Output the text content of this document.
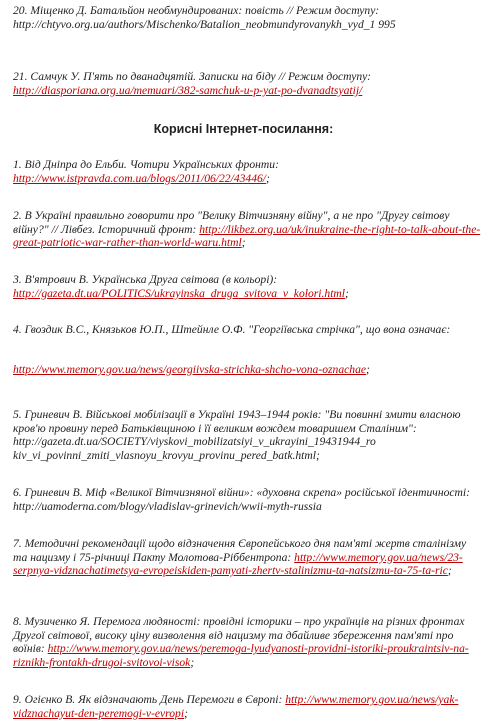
20. Міщенко Д. Батальйон необмундированих: повість // Режим доступу: http://chtyvo.org.ua/authors/Mischenko/Batalion_neobmundyrovanykh_vyd_1 995
21. Самчук У. П'ять по дванадцятій. Записки на біду // Режим доступу: http://diasporiana.org.ua/memuari/382-samchuk-u-p-yat-po-dvanadtsyatij/
Корисні Інтернет-посилання:
1. Від Дніпра до Ельби. Чотири Українських фронти: http://www.istpravda.com.ua/blogs/2011/06/22/43446/;
2. В Україні правильно говорити про "Велику Вітчизняну війну", а не про "Другу світову війну?" // Лівбез. Історичний фронт: http://likbez.org.ua/uk/inukraine-the-right-to-talk-about-the-great-patriotic-war-rather-than-world-waru.html;
3. В'ятрович В. Українська Друга світова (в кольорі): http://gazeta.dt.ua/POLITICS/ukrayinska_druga_svitova_v_kolori.html;
4. Гвоздик В.С., Князьков Ю.П., Штейнле О.Ф. "Георгіївська стрічка", що вона означає:
http://www.memory.gov.ua/news/georgiivska-strichka-shcho-vona-oznachae;
5. Гриневич В. Військові мобілізації в Україні 1943–1944 років: "Ви повинні змити власною кров'ю провину перед Батьківщиною і її великим вождем товаришем Сталіним": http://gazeta.dt.ua/SOCIETY/viyskovi_mobilizatsiyi_v_ukrayini_19431944_ro kiv_vi_povinni_zmiti_vlasnoyu_krovyu_provinu_pered_batk.html;
6. Гриневич В. Міф «Великої Вітчизняної війни»: «духовна скрепа» російської ідентичності: http://uamoderna.com/blogy/vladislav-grinevich/wwii-myth-russia
7. Методичні рекомендації щодо відзначення Європейського дня пам'яті жертв сталінізму та нацизму і 75-річниці Пакту Молотова-Ріббентропа: http://www.memory.gov.ua/news/23-serpnya-vidznachatimetsya-evropeiskiden-pamyati-zhertv-stalinizmu-ta-natsizmu-ta-75-ta-ric;
8. Музиченко Я. Перемога людяності: провідні історики – про українців на різних фронтах Другої світової, високу ціну визволення від нацизму та дбайливе збереження пам'яті про воїнів: http://www.memory.gov.ua/news/peremoga-lyudyanosti-providni-istoriki-proukraintsiv-na-riznikh-frontakh-drugoi-svitovoi-visok;
9. Огієнко В. Як відзначають День Перемоги в Європі: http://www.memory.gov.ua/news/yak-vidznachayut-den-peremogi-v-evropi;
